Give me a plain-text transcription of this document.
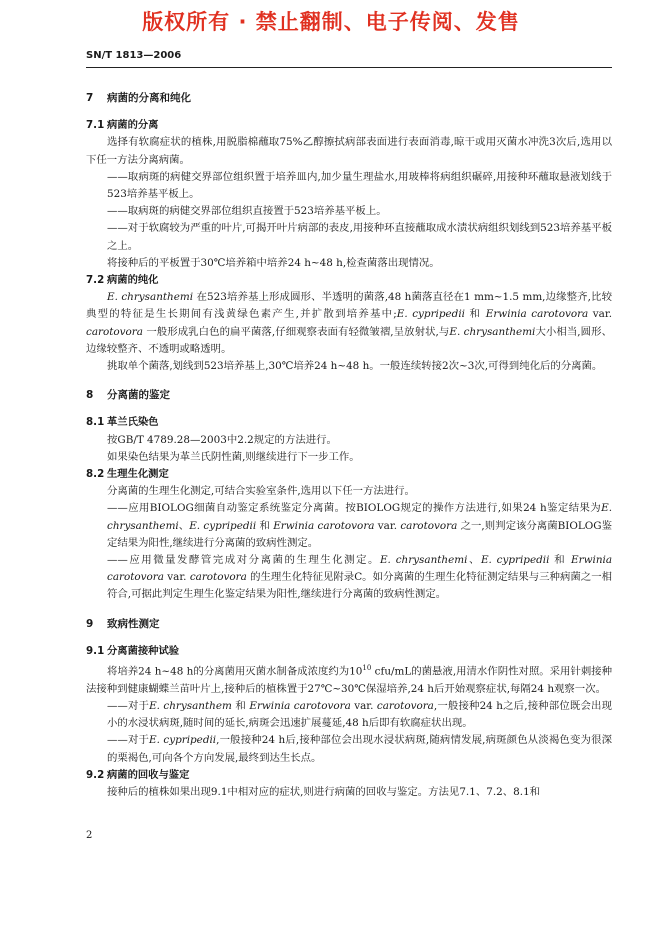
版权所有 · 禁止翻制、电子传阅、发售
SN/T 1813—2006
7 病菌的分离和纯化
7.1 病菌的分离

选择有软腐症状的植株,用脱脂棉蘸取75%乙醇擦拭病部表面进行表面消毒,晾干或用灭菌水冲洗3次后,选用以下任一方法分离病菌。

——取病斑的病健交界部位组织置于培养皿内,加少量生理盐水,用玻棒将病组织碾碎,用接种环蘸取悬液划线于523培养基平板上。

——取病斑的病健交界部位组织直接置于523培养基平板上。

——对于软腐较为严重的叶片,可揭开叶片病部的表皮,用接种环直接蘸取成水渍状病组织划线到523培养基平板之上。

将接种后的平板置于30℃培养箱中培养24 h~48 h,检查菌落出现情况。

7.2 病菌的纯化

E. chrysanthemi 在523培养基上形成圆形、半透明的菌落,48 h菌落直径在1 mm~1.5 mm,边缘整齐,比较典型的特征是生长期间有浅黄绿色素产生,并扩散到培养基中;E. cypripedii 和 Erwinia carotovora var. carotovora 一般形成乳白色的扁平菌落,仔细观察表面有轻微皱褶,呈放射状,与E. chrysanthemi大小相当,圆形、边缘较整齐、不透明或略透明。

挑取单个菌落,划线到523培养基上,30℃培养24 h~48 h。一般连续转接2次~3次,可得到纯化后的分离菌。

8 分离菌的鉴定
8.1 革兰氏染色

按GB/T 4789.28—2003中2.2规定的方法进行。

如果染色结果为革兰氏阴性菌,则继续进行下一步工作。

8.2 生理生化测定

分离菌的生理生化测定,可结合实验室条件,选用以下任一方法进行。

——应用BIOLOG细菌自动鉴定系统鉴定分离菌。按BIOLOG规定的操作方法进行,如果24 h鉴定结果为E. chrysanthemi、E. cypripedii 和 Erwinia carotovora var. carotovora 之一,则判定该分离菌BIOLOG鉴定结果为阳性,继续进行分离菌的致病性测定。

——应用微量发酵管完成对分离菌的生理生化测定。E. chrysanthemi、E. cypripedii 和 Erwinia carotovora var. carotovora 的生理生化特征见附录C。如分离菌的生理生化特征测定结果与三种病菌之一相符合,可据此判定生理生化鉴定结果为阳性,继续进行分离菌的致病性测定。

9 致病性测定
9.1 分离菌接种试验

将培养24 h~48 h的分离菌用灭菌水制备成浓度约为$10^{10}$ cfu/mL的菌悬液,用清水作阴性对照。采用针刺接种法接种到健康蝴蝶兰苗叶片上,接种后的植株置于27℃~30℃保湿培养,24 h后开始观察症状,每隔24 h观察一次。

——对于E. chrysanthem 和 Erwinia carotovora var. carotovora,一般接种24 h之后,接种部位既会出现小的水浸状病斑,随时间的延长,病斑会迅速扩展蔓延,48 h后即有软腐症状出现。

——对于E. cypripedii,一般接种24 h后,接种部位会出现水浸状病斑,随病情发展,病斑颜色从淡褐色变为很深的栗褐色,可向各个方向发展,最终到达生长点。

9.2 病菌的回收与鉴定

接种后的植株如果出现9.1中相对应的症状,则进行病菌的回收与鉴定。方法见7.1、7.2、8.1和

2
